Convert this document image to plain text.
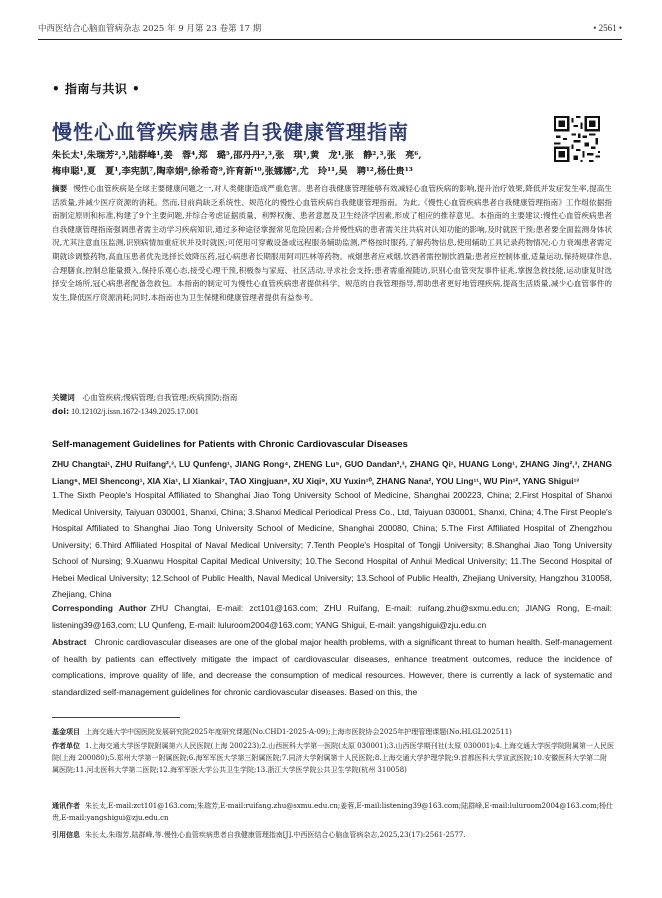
中西医结合心脑血管病杂志 2025 年 9 月第 23 卷第 17 期	• 2561 •
• 指南与共识 •
慢性心血管疾病患者自我健康管理指南
朱长太¹,朱瑞芳²,³,陆群峰¹,姜　蓉⁴,郑　璐⁵,邵丹丹²,³,张　琪¹,黄　龙¹,张　静²,³,张　亮⁶,
梅申聪¹,夏　夏¹,李宪凯⁷,陶幸娟⁸,徐希奇⁹,许育新¹⁰,张娜娜²,尤　玲¹¹,吴　聘¹²,杨仕贵¹³
摘要 慢性心血管疾病是全球主要健康问题之一,对人类健康造成严重危害。患者自我健康管理能够有效减轻心血管疾病的影响,提升治疗效果,降低并发症发生率,提高生活质量,并减少医疗资源的消耗。然而,目前尚缺乏系统性、规范化的慢性心血管疾病自我健康管理指南。为此,《慢性心血管疾病患者自我健康管理指南》工作组依据指南制定原则和标准,构建了9个主要问题,并综合考虑证据质量、利弊权衡、患者意愿及卫生经济学因素,形成了相应的推荐意见。本指南的主要建议:慢性心血管疾病患者自我健康管理指南强调患者需主动学习疾病知识,通过多种途径掌握常见危险因素;合并慢性病的患者需关注共病对认知功能的影响,及时就医干预;患者要全面监测身体状况,尤其注意血压监测,识别病情加重症状并及时就医;可使用可穿戴设备或远程服务辅助监测,严格按时服药,了解药物信息,使用辅助工具记录药物情况;心力衰竭患者需定期就诊调整药物,高血压患者优先选择长效降压药,冠心病患者长期服用阿司匹林等药物。戒烟患者应戒烟,饮酒者需控制饮酒量;患者应控制体重,适量运动,保持规律作息,合理膳食,控制总能量摄入,保持乐观心态,接受心理干预,积极参与家庭、社区活动,寻求社会支持;患者需重视随访,识别心血管突发事件征兆,掌握急救技能,运动康复时选择安全场所,冠心病患者配备急救包。本指南的制定可为慢性心血管疾病患者提供科学、规范的自我管理指导,帮助患者更好地管理疾病,提高生活质量,减少心血管事件的发生,降低医疗资源消耗;同时,本指南也为卫生保健和健康管理者提供有益参考。
关键词 心血管疾病;慢病管理;自我管理;疾病预防;指南
doi: 10.12102/j.issn.1672-1349.2025.17.001
Self-management Guidelines for Patients with Chronic Cardiovascular Diseases
ZHU Changtai¹, ZHU Ruifang²,³, LU Qunfeng¹, JIANG Rong⁴, ZHENG Lu⁵, GUO Dandan²,³, ZHANG Qi¹, HUANG Long¹, ZHANG Jing²,³, ZHANG Liang⁶, MEI Shencong¹, XIA Xia¹, LI Xiankai⁷, TAO Xingjuan⁸, XU Xiqi⁹, XU Yuxin¹⁰, ZHANG Nana², YOU Ling¹¹, WU Pin¹², YANG Shigui¹³
1.The Sixth People's Hospital Affiliated to Shanghai Jiao Tong University School of Medicine, Shanghai 200223, China; 2.First Hospital of Shanxi Medical University, Taiyuan 030001, Shanxi, China; 3.Shanxi Medical Periodical Press Co., Ltd, Taiyuan 030001, Shanxi, China; 4.The First People's Hospital Affiliated to Shanghai Jiao Tong University School of Medicine, Shanghai 200080, China; 5.The First Affiliated Hospital of Zhengzhou University; 6.Third Affiliated Hospital of Naval Medical University; 7.Tenth People's Hospital of Tongji University; 8.Shanghai Jiao Tong University School of Nursing; 9.Xuanwu Hospital Capital Medical University; 10.The Second Hospital of Anhui Medical University; 11.The Second Hospital of Hebei Medical University; 12.School of Public Health, Naval Medical University; 13.School of Public Health, Zhejiang University, Hangzhou 310058, Zhejiang, China
Corresponding Author ZHU Changtai, E-mail: zct101@163.com; ZHU Ruifang, E-mail: ruifang.zhu@sxmu.edu.cn; JIANG Rong, E-mail: listening39@163.com; LU Qunfeng, E-mail: luluroom2004@163.com; YANG Shigui, E-mail: yangshigui@zju.edu.cn
Abstract Chronic cardiovascular diseases are one of the global major health problems, with a significant threat to human health. Self-management of health by patients can effectively mitigate the impact of cardiovascular diseases, enhance treatment outcomes, reduce the incidence of complications, improve quality of life, and decrease the consumption of medical resources. However, there is currently a lack of systematic and standardized self-management guidelines for chronic cardiovascular diseases. Based on this, the
基金项目 上海交通大学中国医院发展研究院2025年度研究课题(No.CHD1-2025-A-09);上海市医院协会2025年护理管理课题(No.HLGL202511)
作者单位 1.上海交通大学医学院附属第六人民医院(上海 200223);2.山西医科大学第一医院(太原 030001);3.山西医学期刊社(太原 030001);4.上海交通大学医学院附属第一人民医院(上海 200080);5.郑州大学第一附属医院;6.海军军医大学第三附属医院;7.同济大学附属第十人民医院;8.上海交通大学护理学院;9.首都医科大学宣武医院;10.安徽医科大学第二附属医院;11.河北医科大学第二医院;12.海军军医大学公共卫生学院;13.浙江大学医学院公共卫生学院(杭州 310058)
通讯作者 朱长太,E-mail:zct101@163.com;朱瑞芳,E-mail:ruifang.zhu@sxmu.edu.cn;姜蓉,E-mail:listening39@163.com;陆群峰,E-mail:luluroom2004@163.com;杨仕贵,E-mail:yangshigui@zju.edu.cn
引用信息 朱长太,朱瑞芳,陆群峰,等.慢性心血管疾病患者自我健康管理指南[J].中西医结合心脑血管病杂志,2025,23(17):2561-2577.
